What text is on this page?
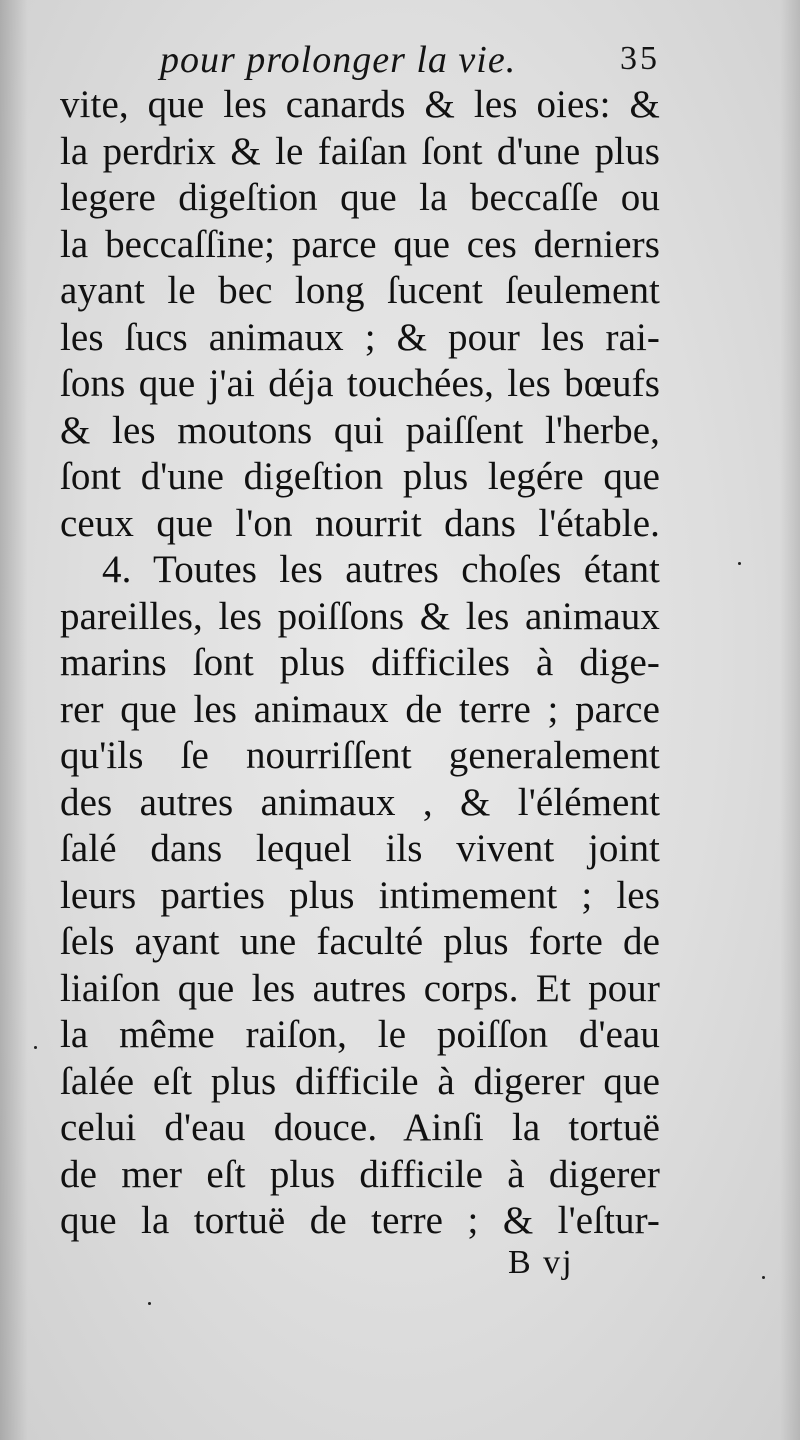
pour prolonger la vie.	35
vite, que les canards & les oies: &
la perdrix & le faiſan ſont d'une plus
legere digeſtion que la beccaſſe ou
la beccaſſine; parce que ces derniers
ayant le bec long ſucent ſeulement
les ſucs animaux ; & pour les rai-
ſons que j'ai déja touchées, les bœufs
& les moutons qui paiſſent l'herbe,
ſont d'une digeſtion plus legére que
ceux que l'on nourrit dans l'étable.
4. Toutes les autres choſes étant
pareilles, les poiſſons & les animaux
marins ſont plus difficiles à dige-
rer que les animaux de terre ; parce
qu'ils ſe nourriſſent generalement
des autres animaux , & l'élément
ſalé dans lequel ils vivent joint
leurs parties plus intimement ; les
ſels ayant une faculté plus forte de
liaiſon que les autres corps. Et pour
la même raiſon, le poiſſon d'eau
ſalée eſt plus difficile à digerer que
celui d'eau douce. Ainſi la tortuë
de mer eſt plus difficile à digerer
que la tortuë de terre ; & l'eſtur-
B vj
